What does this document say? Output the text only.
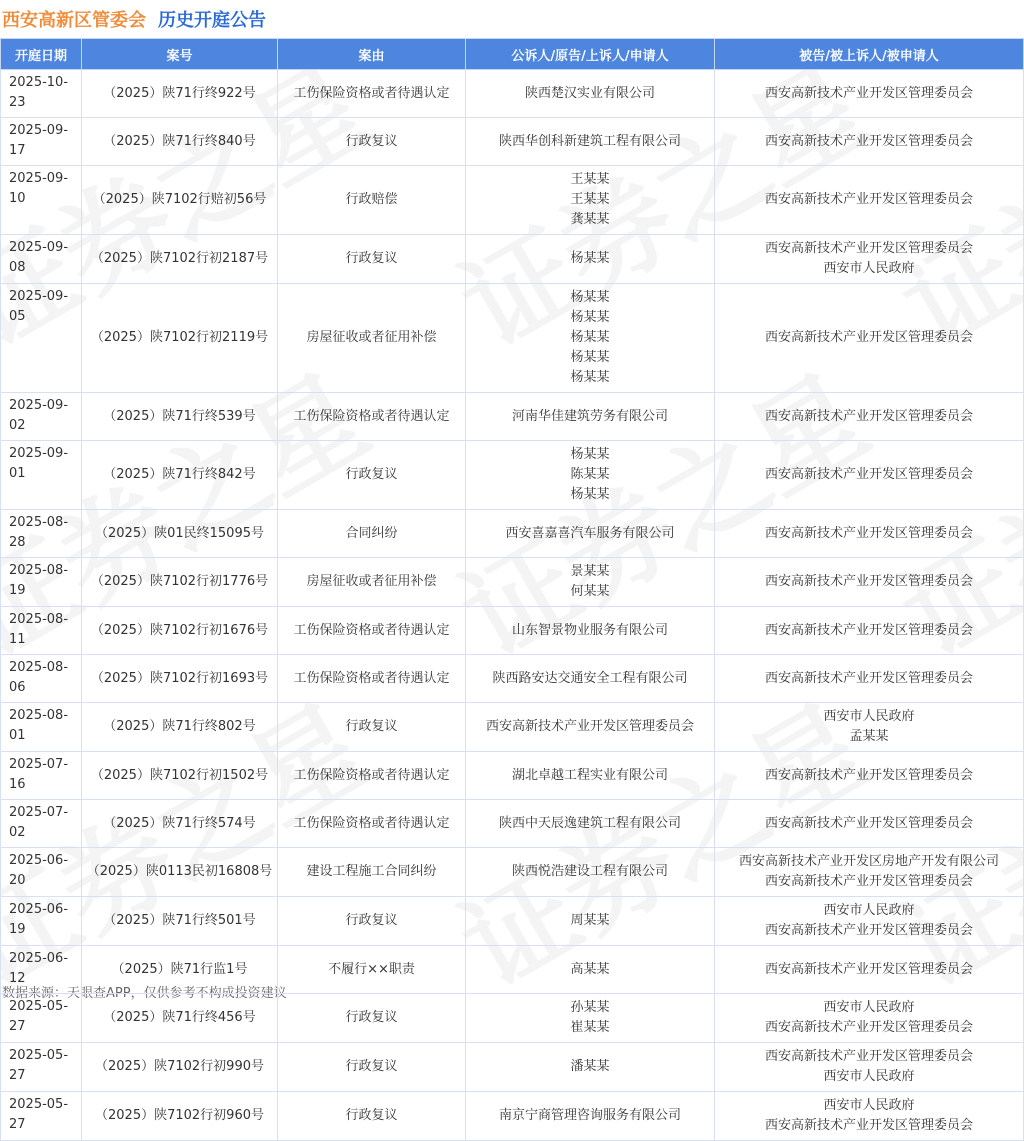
西安高新区管委会 历史开庭公告
开庭日期	案号	案由	公诉人/原告/上诉人/申请人	被告/被上诉人/被申请人
2025-10-23	（2025）陕71行终922号	工伤保险资格或者待遇认定	陕西楚汉实业有限公司	西安高新技术产业开发区管理委员会

2025-09-17	（2025）陕71行终840号	行政复议	陕西华创科新建筑工程有限公司	西安高新技术产业开发区管理委员会

2025-09-10	（2025）陕7102行赔初56号	行政赔偿	王某某
王某某
龚某某	西安高新技术产业开发区管理委员会

2025-09-08	（2025）陕7102行初2187号	行政复议	杨某某	西安高新技术产业开发区管理委员会
西安市人民政府

2025-09-05	（2025）陕7102行初2119号	房屋征收或者征用补偿	杨某某
杨某某
杨某某
杨某某
杨某某	西安高新技术产业开发区管理委员会

2025-09-02	（2025）陕71行终539号	工伤保险资格或者待遇认定	河南华佳建筑劳务有限公司	西安高新技术产业开发区管理委员会

2025-09-01	（2025）陕71行终842号	行政复议	杨某某
陈某某
杨某某	西安高新技术产业开发区管理委员会

2025-08-28	（2025）陕01民终15095号	合同纠纷	西安喜嘉喜汽车服务有限公司	西安高新技术产业开发区管理委员会

2025-08-19	（2025）陕7102行初1776号	房屋征收或者征用补偿	景某某
何某某	西安高新技术产业开发区管理委员会

2025-08-11	（2025）陕7102行初1676号	工伤保险资格或者待遇认定	山东智景物业服务有限公司	西安高新技术产业开发区管理委员会

2025-08-06	（2025）陕7102行初1693号	工伤保险资格或者待遇认定	陕西路安达交通安全工程有限公司	西安高新技术产业开发区管理委员会

2025-08-01	（2025）陕71行终802号	行政复议	西安高新技术产业开发区管理委员会	西安市人民政府
孟某某

2025-07-16	（2025）陕7102行初1502号	工伤保险资格或者待遇认定	湖北卓越工程实业有限公司	西安高新技术产业开发区管理委员会

2025-07-02	（2025）陕71行终574号	工伤保险资格或者待遇认定	陕西中天辰逸建筑工程有限公司	西安高新技术产业开发区管理委员会

2025-06-20	（2025）陕0113民初16808号	建设工程施工合同纠纷	陕西悦浩建设工程有限公司	西安高新技术产业开发区房地产开发有限公司
西安高新技术产业开发区管理委员会

2025-06-19	（2025）陕71行终501号	行政复议	周某某	西安市人民政府
西安高新技术产业开发区管理委员会

2025-06-12	（2025）陕71行监1号	不履行××职责	高某某	西安高新技术产业开发区管理委员会

2025-05-27	（2025）陕71行终456号	行政复议	孙某某
崔某某	西安市人民政府
西安高新技术产业开发区管理委员会

2025-05-27	（2025）陕7102行初990号	行政复议	潘某某	西安高新技术产业开发区管理委员会
西安市人民政府

2025-05-27	（2025）陕7102行初960号	行政复议	南京宁商管理咨询服务有限公司	西安市人民政府
西安高新技术产业开发区管理委员会
数据来源：天眼查APP，仅供参考不构成投资建议
